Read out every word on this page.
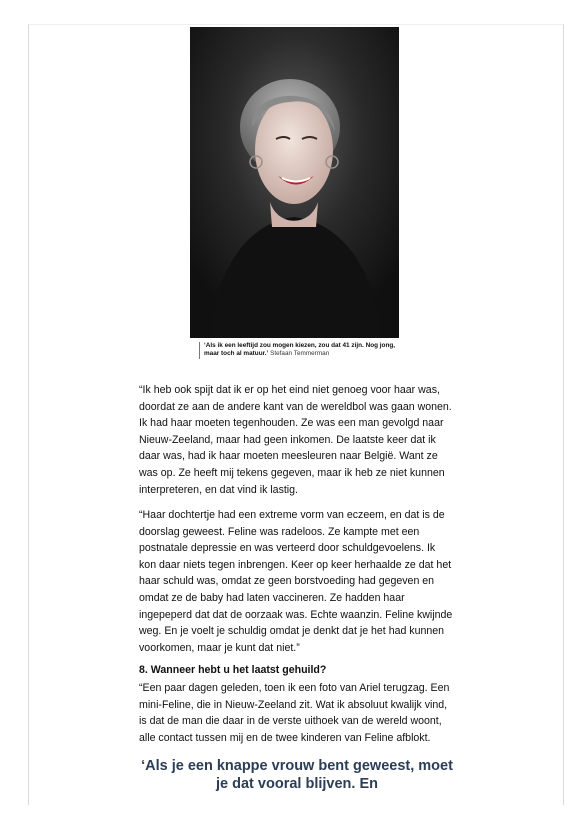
‘Als ik een leeftijd zou mogen kiezen, zou dat 41 zijn. Nog jong, maar toch al matuur.’ Stefaan Temmerman
“Ik heb ook spijt dat ik er op het eind niet genoeg voor haar was, doordat ze aan de andere kant van de wereldbol was gaan wonen. Ik had haar moeten tegenhouden. Ze was een man gevolgd naar Nieuw-Zeeland, maar had geen inkomen. De laatste keer dat ik daar was, had ik haar moeten meesleuren naar België. Want ze was op. Ze heeft mij tekens gegeven, maar ik heb ze niet kunnen interpreteren, en dat vind ik lastig.
“Haar dochtertje had een extreme vorm van eczeem, en dat is de doorslag geweest. Feline was radeloos. Ze kampte met een postnatale depressie en was verteerd door schuldgevoelens. Ik kon daar niets tegen inbrengen. Keer op keer herhaalde ze dat het haar schuld was, omdat ze geen borstvoeding had gegeven en omdat ze de baby had laten vaccineren. Ze hadden haar ingepeperd dat dat de oorzaak was. Echte waanzin. Feline kwijnde weg. En je voelt je schuldig omdat je denkt dat je het had kunnen voorkomen, maar je kunt dat niet.”
8. Wanneer hebt u het laatst gehuild?
“Een paar dagen geleden, toen ik een foto van Ariel terugzag. Een mini-Feline, die in Nieuw-Zeeland zit. Wat ik absoluut kwalijk vind, is dat de man die daar in de verste uithoek van de wereld woont, alle contact tussen mij en de twee kinderen van Feline afblokt.
‘Als je een knappe vrouw bent geweest, moet je dat vooral blijven. En
